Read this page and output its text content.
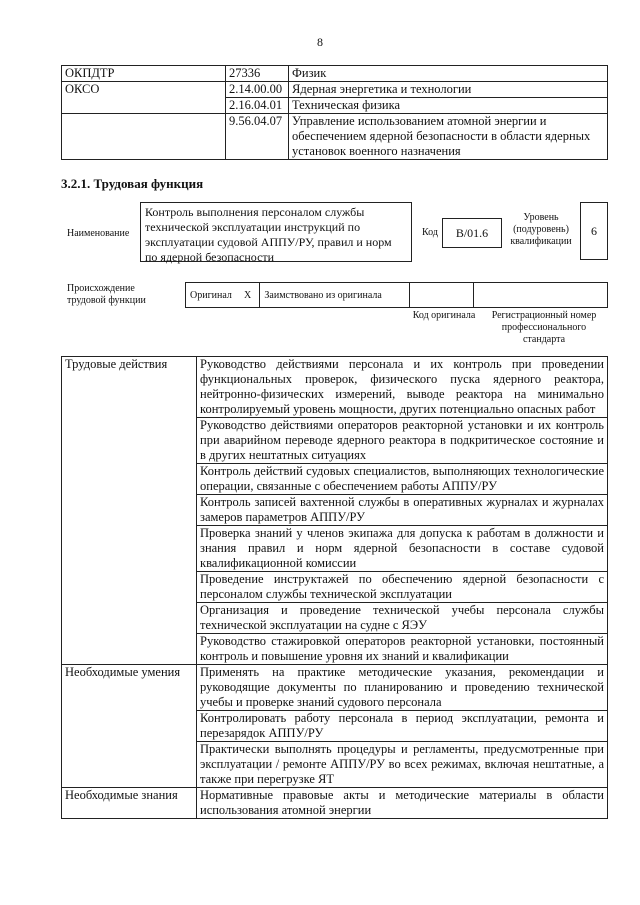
8
ОКПДТР	27336	Физик
ОКСО	2.14.00.00	Ядерная энергетика и технологии
	2.16.04.01	Техническая физика
	9.56.04.07	Управление использованием атомной энергии и обеспечением ядерной безопасности в области ядерных установок военного назначения
3.2.1. Трудовая функция
Наименование
Контроль выполнения персоналом службы технической эксплуатации инструкций по эксплуатации судовой АППУ/РУ, правил и норм по ядерной безопасности
Код	B/01.6
Уровень (подуровень) квалификации
6
Происхождение трудовой функции	Оригинал	X	Заимствовано из оригинала		
Код оригинала	Регистрационный номер профессионального стандарта
Трудовые действия	Руководство действиями персонала и их контроль при проведении функциональных проверок, физического пуска ядерного реактора, нейтронно-физических измерений, выводе реактора на минимально контролируемый уровень мощности, других потенциально опасных работ
	Руководство действиями операторов реакторной установки и их контроль при аварийном переводе ядерного реактора в подкритическое состояние и в других нештатных ситуациях
	Контроль действий судовых специалистов, выполняющих технологические операции, связанные с обеспечением работы АППУ/РУ
	Контроль записей вахтенной службы в оперативных журналах и журналах замеров параметров АППУ/РУ
	Проверка знаний у членов экипажа для допуска к работам в должности и знания правил и норм ядерной безопасности в составе судовой квалификационной комиссии
	Проведение инструктажей по обеспечению ядерной безопасности с персоналом службы технической эксплуатации
	Организация и проведение технической учебы персонала службы технической эксплуатации на судне с ЯЭУ
	Руководство стажировкой операторов реакторной установки, постоянный контроль и повышение уровня их знаний и квалификации
Необходимые умения	Применять на практике методические указания, рекомендации и руководящие документы по планированию и проведению технической учебы и проверке знаний судового персонала
	Контролировать работу персонала в период эксплуатации, ремонта и перезарядок АППУ/РУ
	Практически выполнять процедуры и регламенты, предусмотренные при эксплуатации / ремонте АППУ/РУ во всех режимах, включая нештатные, а также при перегрузке ЯТ
Необходимые знания	Нормативные правовые акты и методические материалы в области использования атомной энергии
